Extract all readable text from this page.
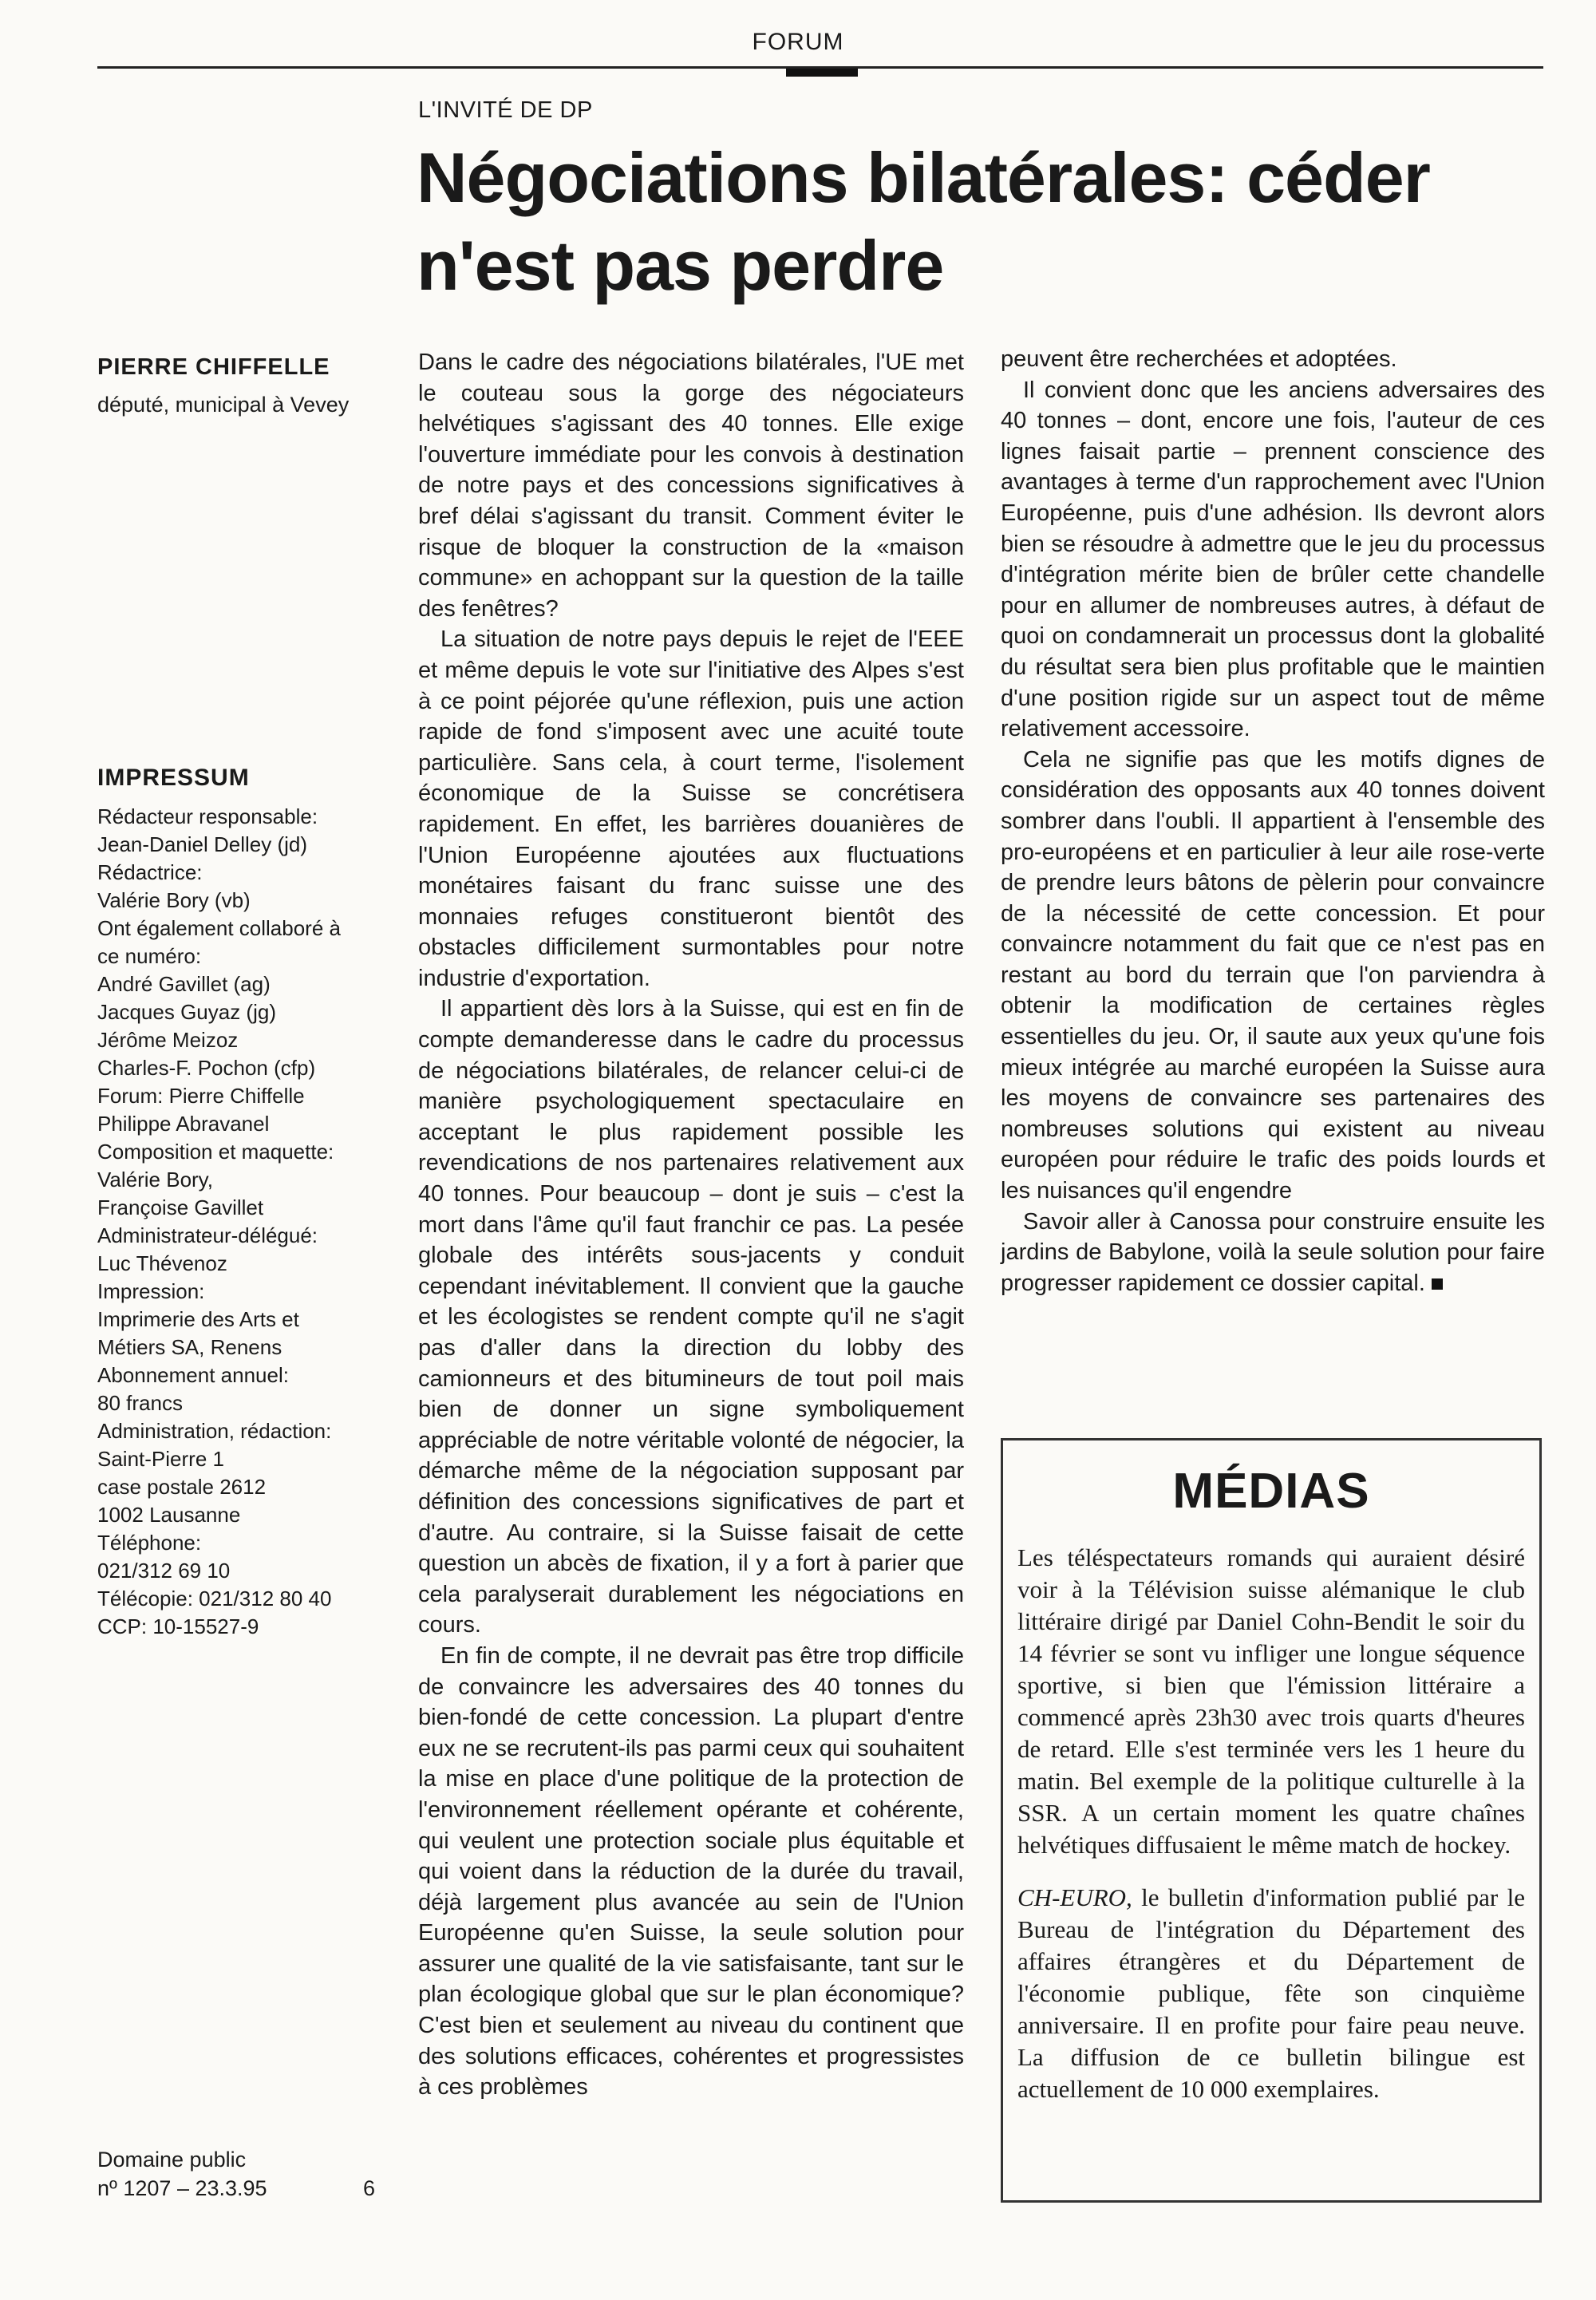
FORUM
L'INVITÉ DE DP
Négociations bilatérales: céder n'est pas perdre
PIERRE CHIFFELLE
député, municipal à Vevey
IMPRESSUM
Rédacteur responsable:
Jean-Daniel Delley (jd)
Rédactrice:
Valérie Bory (vb)
Ont également collaboré à
ce numéro:
André Gavillet (ag)
Jacques Guyaz (jg)
Jérôme Meizoz
Charles-F. Pochon (cfp)
Forum: Pierre Chiffelle
Philippe Abravanel
Composition et maquette:
Valérie Bory,
Françoise Gavillet
Administrateur-délégué:
Luc Thévenoz
Impression:
Imprimerie des Arts et
Métiers SA, Renens
Abonnement annuel:
80 francs
Administration, rédaction:
Saint-Pierre 1
case postale 2612
1002 Lausanne
Téléphone:
021/312 69 10
Télécopie: 021/312 80 40
CCP: 10-15527-9
Domaine public
nº 1207 – 23.3.95	6

Dans le cadre des négociations bilatérales, l'UE met le couteau sous la gorge des négociateurs helvétiques s'agissant des 40 tonnes. Elle exige l'ouverture immédiate pour les convois à destination de notre pays et des concessions significatives à bref délai s'agissant du transit. Comment éviter le risque de bloquer la construction de la «maison commune» en achoppant sur la question de la taille des fenêtres?

La situation de notre pays depuis le rejet de l'EEE et même depuis le vote sur l'initiative des Alpes s'est à ce point péjorée qu'une réflexion, puis une action rapide de fond s'imposent avec une acuité toute particulière. Sans cela, à court terme, l'isolement économique de la Suisse se concrétisera rapidement. En effet, les barrières douanières de l'Union Européenne ajoutées aux fluctuations monétaires faisant du franc suisse une des monnaies refuges constitueront bientôt des obstacles difficilement surmontables pour notre industrie d'exportation.

Il appartient dès lors à la Suisse, qui est en fin de compte demanderesse dans le cadre du processus de négociations bilatérales, de relancer celui-ci de manière psychologiquement spectaculaire en acceptant le plus rapidement possible les revendications de nos partenaires relativement aux 40 tonnes. Pour beaucoup – dont je suis – c'est la mort dans l'âme qu'il faut franchir ce pas. La pesée globale des intérêts sous-jacents y conduit cependant inévitablement. Il convient que la gauche et les écologistes se rendent compte qu'il ne s'agit pas d'aller dans la direction du lobby des camionneurs et des bitumineurs de tout poil mais bien de donner un signe symboliquement appréciable de notre véritable volonté de négocier, la démarche même de la négociation supposant par définition des concessions significatives de part et d'autre. Au contraire, si la Suisse faisait de cette question un abcès de fixation, il y a fort à parier que cela paralyserait durablement les négociations en cours.

En fin de compte, il ne devrait pas être trop difficile de convaincre les adversaires des 40 tonnes du bien-fondé de cette concession. La plupart d'entre eux ne se recrutent-ils pas parmi ceux qui souhaitent la mise en place d'une politique de la protection de l'environnement réellement opérante et cohérente, qui veulent une protection sociale plus équitable et qui voient dans la réduction de la durée du travail, déjà largement plus avancée au sein de l'Union Européenne qu'en Suisse, la seule solution pour assurer une qualité de la vie satisfaisante, tant sur le plan écologique global que sur le plan économique? C'est bien et seulement au niveau du continent que des solutions efficaces, cohérentes et progressistes à ces problèmes

peuvent être recherchées et adoptées.

Il convient donc que les anciens adversaires des 40 tonnes – dont, encore une fois, l'auteur de ces lignes faisait partie – prennent conscience des avantages à terme d'un rapprochement avec l'Union Européenne, puis d'une adhésion. Ils devront alors bien se résoudre à admettre que le jeu du processus d'intégration mérite bien de brûler cette chandelle pour en allumer de nombreuses autres, à défaut de quoi on condamnerait un processus dont la globalité du résultat sera bien plus profitable que le maintien d'une position rigide sur un aspect tout de même relativement accessoire.

Cela ne signifie pas que les motifs dignes de considération des opposants aux 40 tonnes doivent sombrer dans l'oubli. Il appartient à l'ensemble des pro-européens et en particulier à leur aile rose-verte de prendre leurs bâtons de pèlerin pour convaincre de la nécessité de cette concession. Et pour convaincre notamment du fait que ce n'est pas en restant au bord du terrain que l'on parviendra à obtenir la modification de certaines règles essentielles du jeu. Or, il saute aux yeux qu'une fois mieux intégrée au marché européen la Suisse aura les moyens de convaincre ses partenaires des nombreuses solutions qui existent au niveau européen pour réduire le trafic des poids lourds et les nuisances qu'il engendre

Savoir aller à Canossa pour construire ensuite les jardins de Babylone, voilà la seule solution pour faire progresser rapidement ce dossier capital.

MÉDIAS

Les téléspectateurs romands qui auraient désiré voir à la Télévision suisse alémanique le club littéraire dirigé par Daniel Cohn-Bendit le soir du 14 février se sont vu infliger une longue séquence sportive, si bien que l'émission littéraire a commencé après 23h30 avec trois quarts d'heures de retard. Elle s'est terminée vers les 1 heure du matin. Bel exemple de la politique culturelle à la SSR. A un certain moment les quatre chaînes helvétiques diffusaient le même match de hockey.

CH-EURO, le bulletin d'information publié par le Bureau de l'intégration du Département des affaires étrangères et du Département de l'économie publique, fête son cinquième anniversaire. Il en profite pour faire peau neuve. La diffusion de ce bulletin bilingue est actuellement de 10 000 exemplaires.
